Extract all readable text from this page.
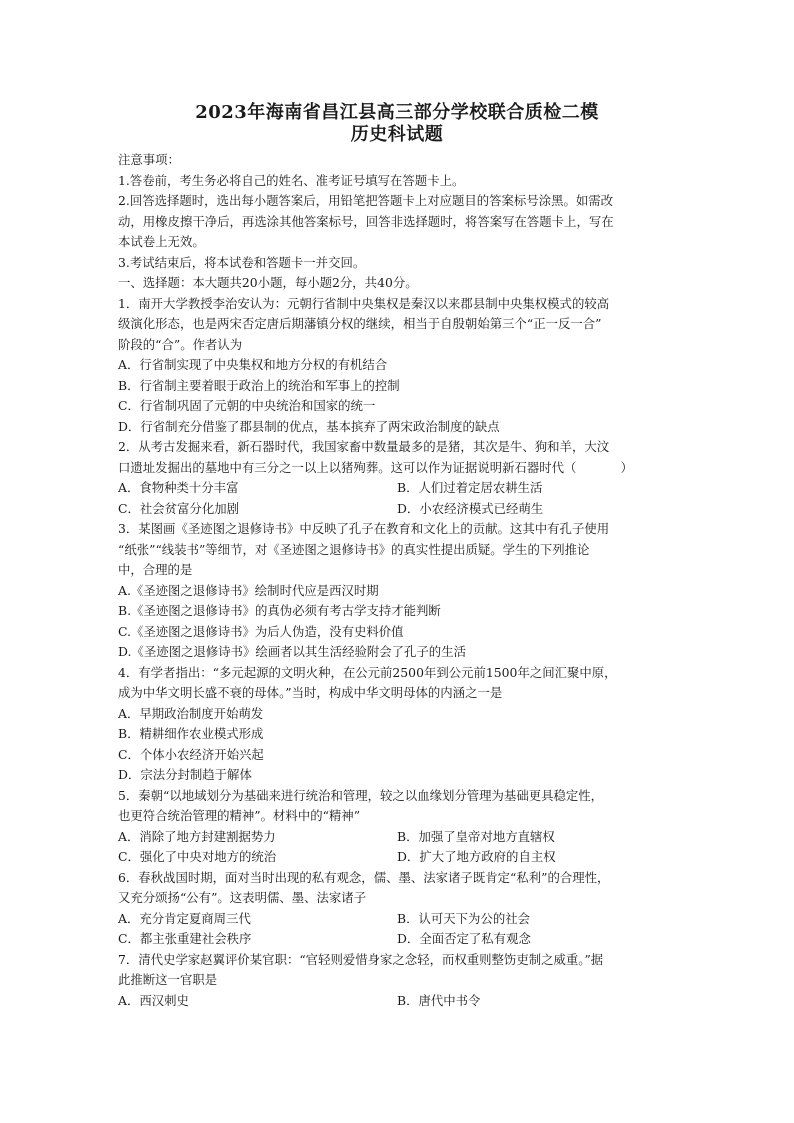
2023年海南省昌江县高三部分学校联合质检二模
历史科试题
注意事项：
1.答卷前，考生务必将自己的姓名、准考证号填写在答题卡上。
2.回答选择题时，选出每小题答案后，用铅笔把答题卡上对应题目的答案标号涂黑。如需改
动，用橡皮擦干净后，再选涂其他答案标号，回答非选择题时，将答案写在答题卡上，写在
本试卷上无效。
3.考试结束后，将本试卷和答题卡一并交回。
一、选择题：本大题共20小题，每小题2分，共40分。
1．南开大学教授李治安认为：元朝行省制中央集权是秦汉以来郡县制中央集权模式的较高
级演化形态，也是两宋否定唐后期藩镇分权的继续，相当于自殷朝始第三个“正一反一合”
阶段的“合”。作者认为
A．行省制实现了中央集权和地方分权的有机结合
B．行省制主要着眼于政治上的统治和军事上的控制
C．行省制巩固了元朝的中央统治和国家的统一
D．行省制充分借鉴了郡县制的优点，基本摈弃了两宋政治制度的缺点
2．从考古发掘来看，新石器时代，我国家畜中数量最多的是猪，其次是牛、狗和羊，大汶
口遗址发掘出的墓地中有三分之一以上以猪殉葬。这可以作为证据说明新石器时代（	）
A．食物种类十分丰富	B．人们过着定居农耕生活
C．社会贫富分化加剧	D．小农经济模式已经萌生
3．某图画《圣迹图之退修诗书》中反映了孔子在教育和文化上的贡献。这其中有孔子使用
“纸张”“线装书”等细节，对《圣迹图之退修诗书》的真实性提出质疑。学生的下列推论
中，合理的是
A.《圣迹图之退修诗书》绘制时代应是西汉时期
B.《圣迹图之退修诗书》的真伪必须有考古学支持才能判断
C.《圣迹图之退修诗书》为后人伪造，没有史料价值
D.《圣迹图之退修诗书》绘画者以其生活经验附会了孔子的生活
4．有学者指出：“多元起源的文明火种，在公元前2500年到公元前1500年之间汇聚中原，
成为中华文明长盛不衰的母体。”当时，构成中华文明母体的内涵之一是
A．早期政治制度开始萌发
B．精耕细作农业模式形成
C．个体小农经济开始兴起
D．宗法分封制趋于解体
5．秦朝“以地域划分为基础来进行统治和管理，较之以血缘划分管理为基础更具稳定性，
也更符合统治管理的精神”。材料中的“精神”
A．消除了地方封建割据势力	B．加强了皇帝对地方直辖权
C．强化了中央对地方的统治	D．扩大了地方政府的自主权
6．春秋战国时期，面对当时出现的私有观念，儒、墨、法家诸子既肯定“私利”的合理性，
又充分颂扬“公有”。这表明儒、墨、法家诸子
A．充分肯定夏商周三代	B．认可天下为公的社会
C．都主张重建社会秩序	D．全面否定了私有观念
7．清代史学家赵翼评价某官职：“官轻则爱惜身家之念轻，而权重则整饬吏制之威重。”据
此推断这一官职是
A．西汉刺史	B．唐代中书令
